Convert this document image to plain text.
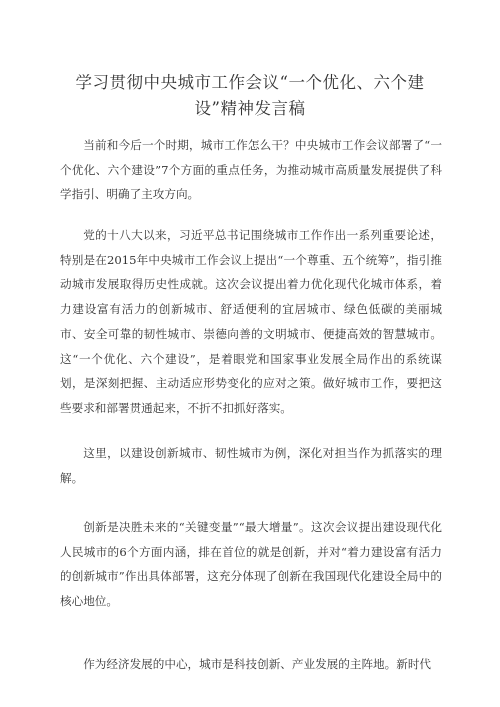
学习贯彻中央城市工作会议“一个优化、六个建
设”精神发言稿

当前和今后一个时期，城市工作怎么干？中央城市工作会议部署了“一个优化、六个建设”7个方面的重点任务，为推动城市高质量发展提供了科学指引、明确了主攻方向。

党的十八大以来，习近平总书记围绕城市工作作出一系列重要论述，特别是在2015年中央城市工作会议上提出“一个尊重、五个统筹”，指引推动城市发展取得历史性成就。这次会议提出着力优化现代化城市体系，着力建设富有活力的创新城市、舒适便利的宜居城市、绿色低碳的美丽城市、安全可靠的韧性城市、崇德向善的文明城市、便捷高效的智慧城市。这“一个优化、六个建设”，是着眼党和国家事业发展全局作出的系统谋划，是深刻把握、主动适应形势变化的应对之策。做好城市工作，要把这些要求和部署贯通起来，不折不扣抓好落实。

这里，以建设创新城市、韧性城市为例，深化对担当作为抓落实的理解。

创新是决胜未来的“关键变量”“最大增量”。这次会议提出建设现代化人民城市的6个方面内涵，排在首位的就是创新，并对“着力建设富有活力的创新城市”作出具体部署，这充分体现了创新在我国现代化建设全局中的核心地位。

作为经济发展的中心，城市是科技创新、产业发展的主阵地。新时代
